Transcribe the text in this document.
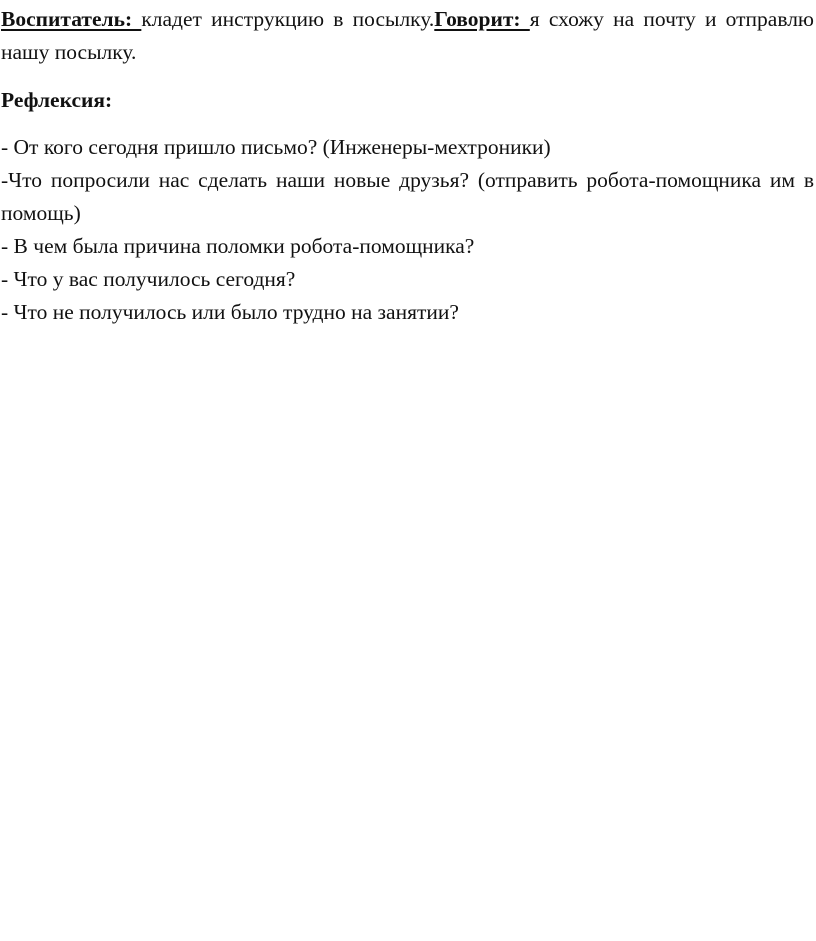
Воспитатель: кладет инструкцию в посылку.Говорит: я схожу на почту и отправлю нашу посылку.

Рефлексия:

- От кого сегодня пришло письмо? (Инженеры-мехтроники)
-Что попросили нас сделать наши новые друзья? (отправить робота-помощника им в помощь)
- В чем была причина поломки робота-помощника?
- Что у вас получилось сегодня?
- Что не получилось или было трудно на занятии?
